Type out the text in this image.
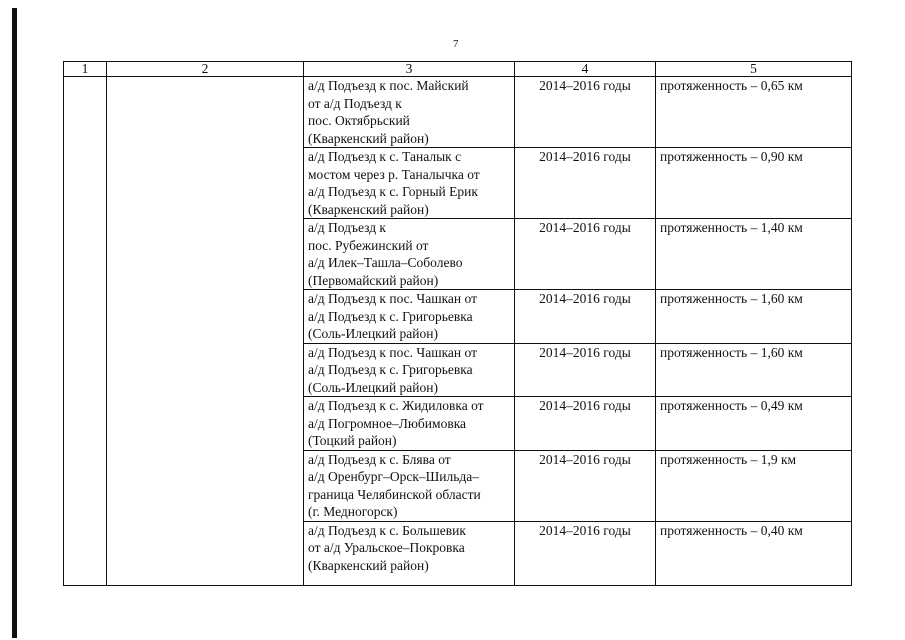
7
1	2	3	4	5

		а/д Подъезд к пос. Майский
от а/д Подъезд к
пос. Октябрьский
(Кваркенский район)	2014–2016 годы	протяженность – 0,65 км

		а/д Подъезд к с. Таналык с
мостом через р. Таналычка от
а/д Подъезд к с. Горный Ерик
(Кваркенский район)	2014–2016 годы	протяженность – 0,90 км

		а/д Подъезд к
пос. Рубежинский от
а/д Илек–Ташла–Соболево
(Первомайский район)	2014–2016 годы	протяженность – 1,40 км

		а/д Подъезд к пос. Чашкан от
а/д Подъезд к с. Григорьевка
(Соль-Илецкий район)	2014–2016 годы	протяженность – 1,60 км

		а/д Подъезд к пос. Чашкан от
а/д Подъезд к с. Григорьевка
(Соль-Илецкий район)	2014–2016 годы	протяженность – 1,60 км

		а/д Подъезд к с. Жидиловка от
а/д Погромное–Любимовка
(Тоцкий район)	2014–2016 годы	протяженность – 0,49 км

		а/д Подъезд к с. Блява от
а/д Оренбург–Орск–Шильда–
граница Челябинской области
(г. Медногорск)	2014–2016 годы	протяженность – 1,9 км

		а/д Подъезд к с. Большевик
от а/д Уральское–Покровка
(Кваркенский район)	2014–2016 годы	протяженность – 0,40 км
